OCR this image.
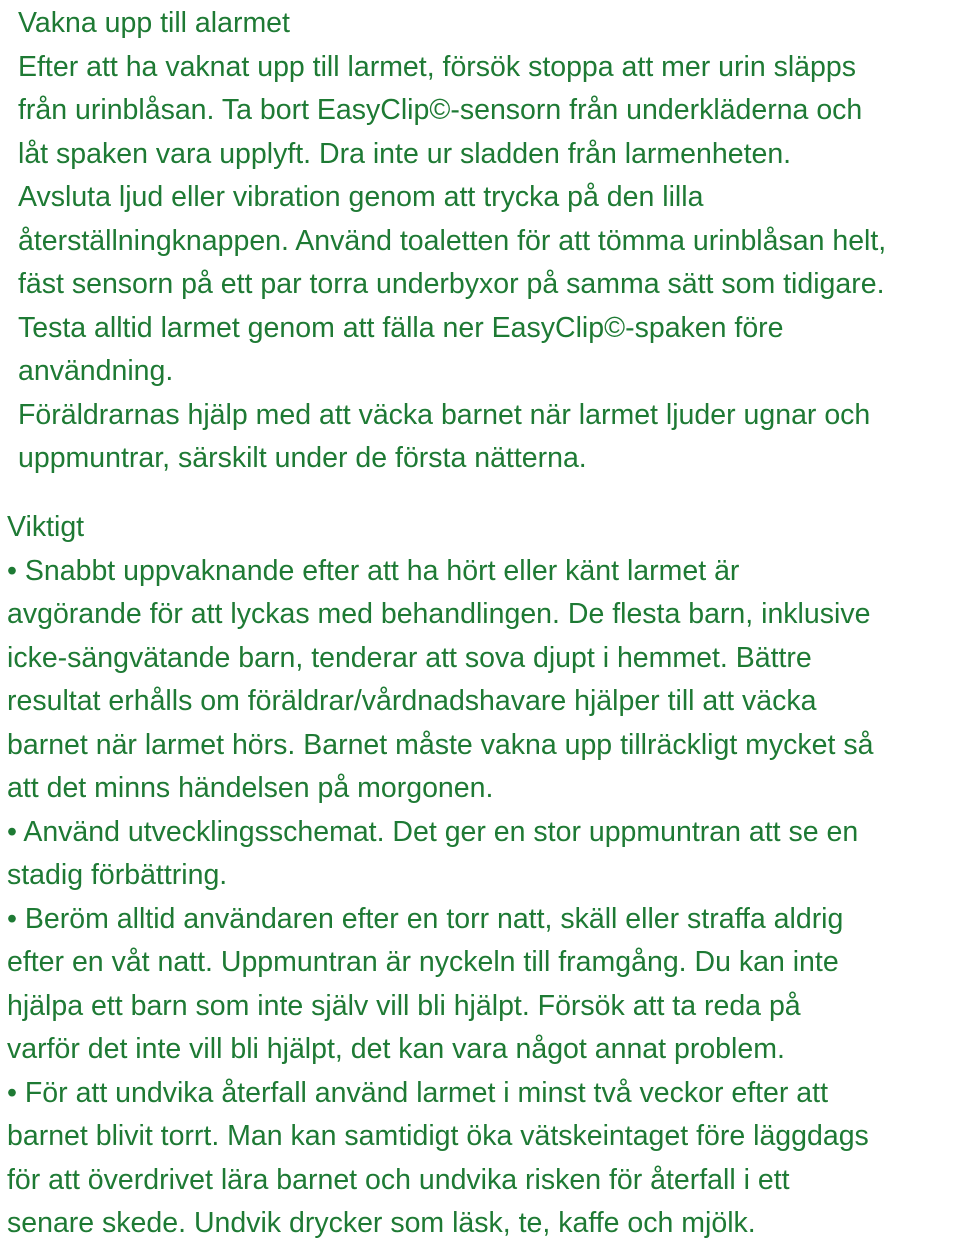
Vakna upp till alarmet

Efter att ha vaknat upp till larmet, försök stoppa att mer urin släpps

från urinblåsan. Ta bort EasyClip©-sensorn från underkläderna och

låt spaken vara upplyft. Dra inte ur sladden från larmenheten.

Avsluta ljud eller vibration genom att trycka på den lilla

återställningknappen. Använd toaletten för att tömma urinblåsan helt,

fäst sensorn på ett par torra underbyxor på samma sätt som tidigare.

Testa alltid larmet genom att fälla ner EasyClip©-spaken före

användning.

Föräldrarnas hjälp med att väcka barnet när larmet ljuder ugnar och

uppmuntrar, särskilt under de första nätterna.

Viktigt

• Snabbt uppvaknande efter att ha hört eller känt larmet är

avgörande för att lyckas med behandlingen. De flesta barn, inklusive

icke-sängvätande barn, tenderar att sova djupt i hemmet. Bättre

resultat erhålls om föräldrar/vårdnadshavare hjälper till att väcka

barnet när larmet hörs. Barnet måste vakna upp tillräckligt mycket så

att det minns händelsen på morgonen.

• Använd utvecklingsschemat. Det ger en stor uppmuntran att se en

stadig förbättring.

• Beröm alltid användaren efter en torr natt, skäll eller straffa aldrig

efter en våt natt. Uppmuntran är nyckeln till framgång. Du kan inte

hjälpa ett barn som inte själv vill bli hjälpt. Försök att ta reda på

varför det inte vill bli hjälpt, det kan vara något annat problem.

• För att undvika återfall använd larmet i minst två veckor efter att

barnet blivit torrt. Man kan samtidigt öka vätskeintaget före läggdags

för att överdrivet lära barnet och undvika risken för återfall i ett

senare skede. Undvik drycker som läsk, te, kaffe och mjölk.
